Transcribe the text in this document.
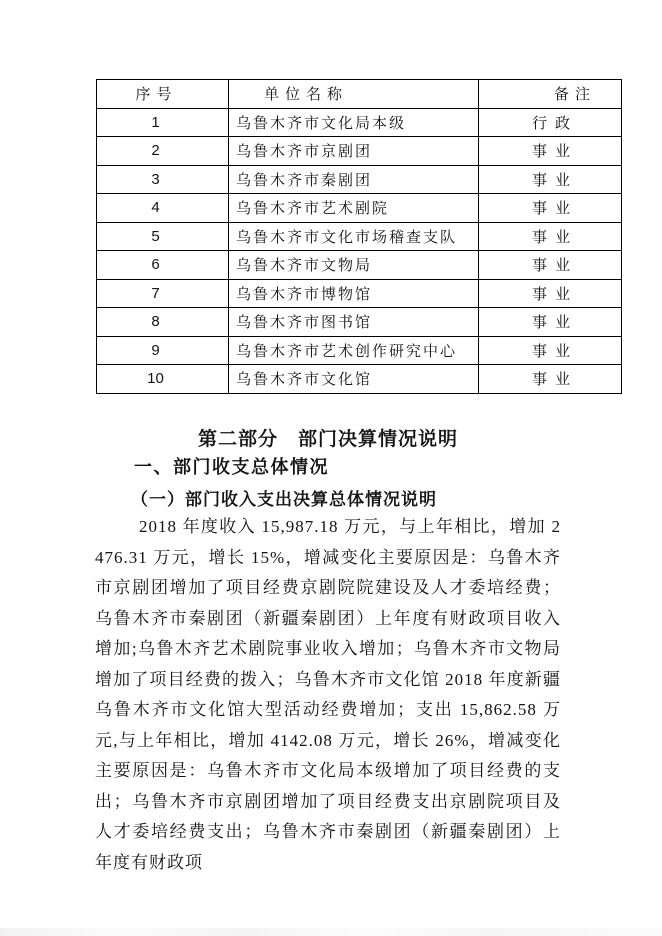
序号	单位名称	备注
1	乌鲁木齐市文化局本级	行政
2	乌鲁木齐市京剧团	事业
3	乌鲁木齐市秦剧团	事业
4	乌鲁木齐市艺术剧院	事业
5	乌鲁木齐市文化市场稽查支队	事业
6	乌鲁木齐市文物局	事业
7	乌鲁木齐市博物馆	事业
8	乌鲁木齐市图书馆	事业
9	乌鲁木齐市艺术创作研究中心	事业
10	乌鲁木齐市文化馆	事业
第二部分　部门决算情况说明
一、部门收支总体情况
（一）部门收入支出决算总体情况说明
2018 年度收入 15,987.18 万元，与上年相比，增加 2476.31 万元，增长 15%，增减变化主要原因是：乌鲁木齐市京剧团增加了项目经费京剧院院建设及人才委培经费；乌鲁木齐市秦剧团（新疆秦剧团）上年度有财政项目收入增加;乌鲁木齐艺术剧院事业收入增加；乌鲁木齐市文物局增加了项目经费的拨入；乌鲁木齐市文化馆 2018 年度新疆乌鲁木齐市文化馆大型活动经费增加；支出 15,862.58 万元,与上年相比，增加 4142.08 万元，增长 26%，增减变化主要原因是：乌鲁木齐市文化局本级增加了项目经费的支出；乌鲁木齐市京剧团增加了项目经费支出京剧院项目及人才委培经费支出；乌鲁木齐市秦剧团（新疆秦剧团）上年度有财政项
